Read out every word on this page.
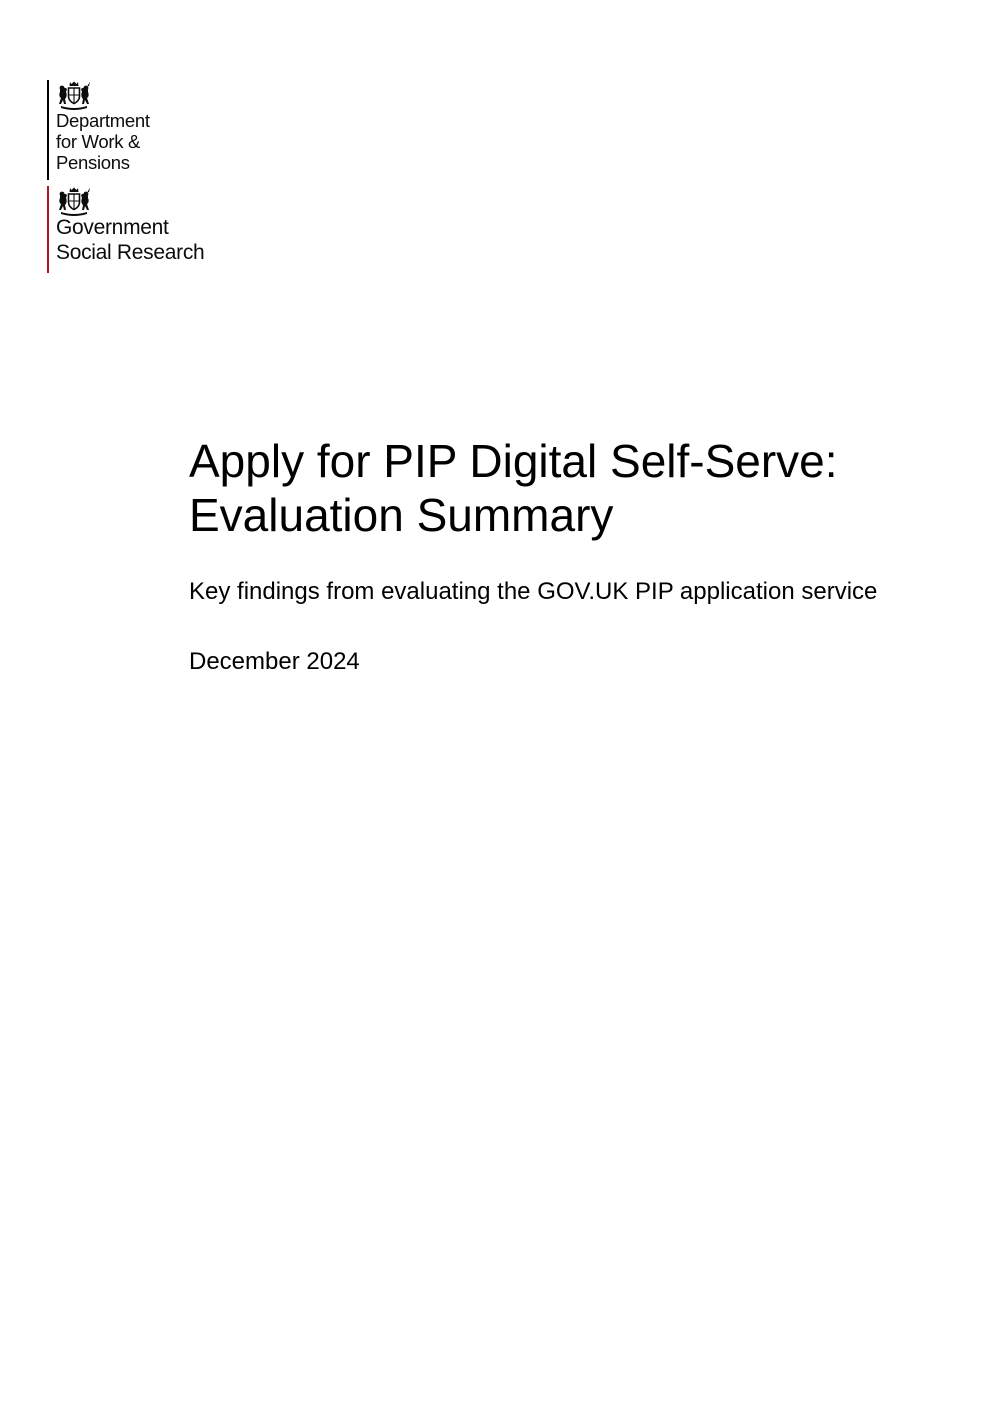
Department
for Work &
Pensions
Government
Social Research
Apply for PIP Digital Self-Serve:
Evaluation Summary

Key findings from evaluating the GOV.UK PIP application service

December 2024
